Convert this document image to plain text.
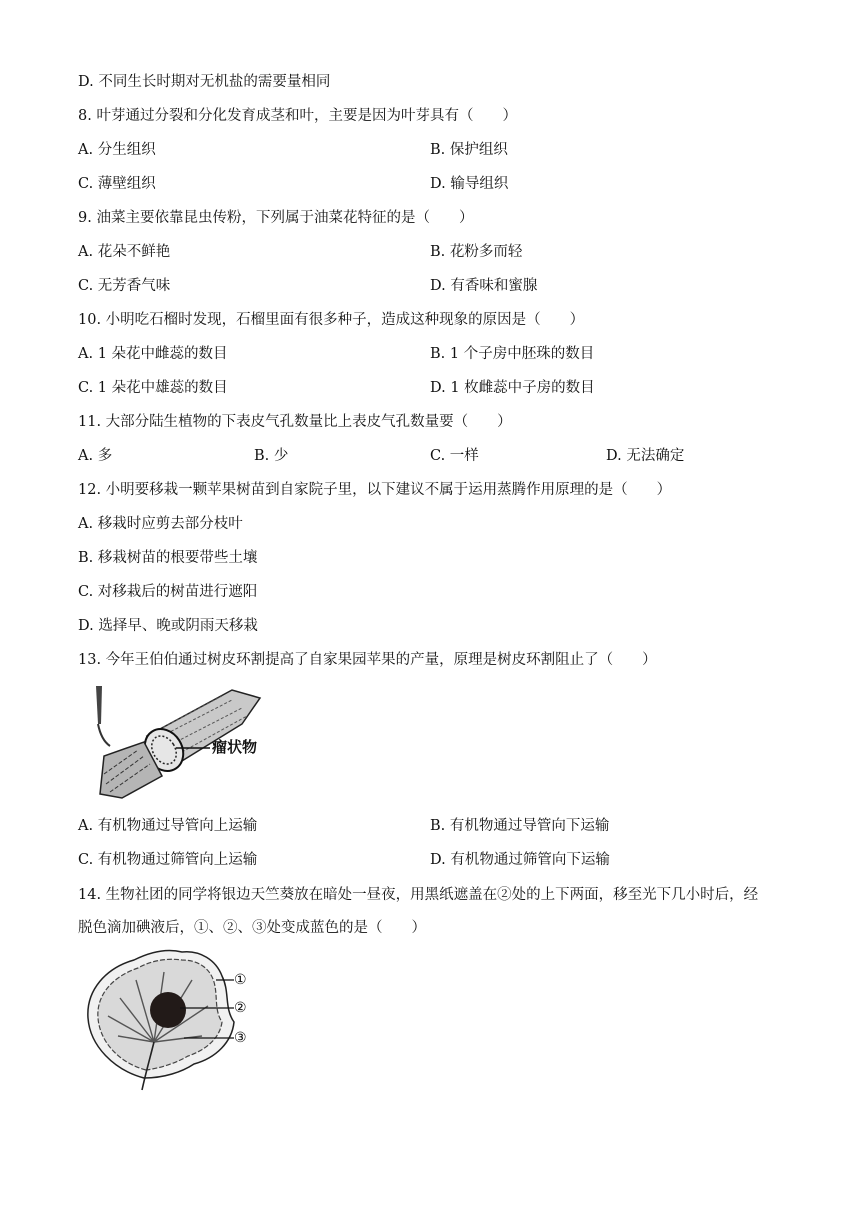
D. 不同生长时期对无机盐的需要量相同
8. 叶芽通过分裂和分化发育成茎和叶，主要是因为叶芽具有（　　）
A. 分生组织	B. 保护组织
C. 薄壁组织	D. 输导组织
9. 油菜主要依靠昆虫传粉，下列属于油菜花特征的是（　　）
A. 花朵不鲜艳	B. 花粉多而轻
C. 无芳香气味	D. 有香味和蜜腺
10. 小明吃石榴时发现，石榴里面有很多种子，造成这种现象的原因是（　　）
A. 1 朵花中雌蕊的数目	B. 1 个子房中胚珠的数目
C. 1 朵花中雄蕊的数目	D. 1 枚雌蕊中子房的数目
11. 大部分陆生植物的下表皮气孔数量比上表皮气孔数量要（　　）
A. 多	B. 少	C. 一样	D. 无法确定
12. 小明要移栽一颗苹果树苗到自家院子里，以下建议不属于运用蒸腾作用原理的是（　　）
A. 移栽时应剪去部分枝叶
B. 移栽树苗的根要带些土壤
C. 对移栽后的树苗进行遮阳
D. 选择早、晚或阴雨天移栽
13. 今年王伯伯通过树皮环割提高了自家果园苹果的产量，原理是树皮环割阻止了（　　）
瘤状物
A. 有机物通过导管向上运输	B. 有机物通过导管向下运输
C. 有机物通过筛管向上运输	D. 有机物通过筛管向下运输
14. 生物社团的同学将银边天竺葵放在暗处一昼夜，用黑纸遮盖在②处的上下两面，移至光下几小时后，经
脱色滴加碘液后，①、②、③处变成蓝色的是（　　）
①
②
③
